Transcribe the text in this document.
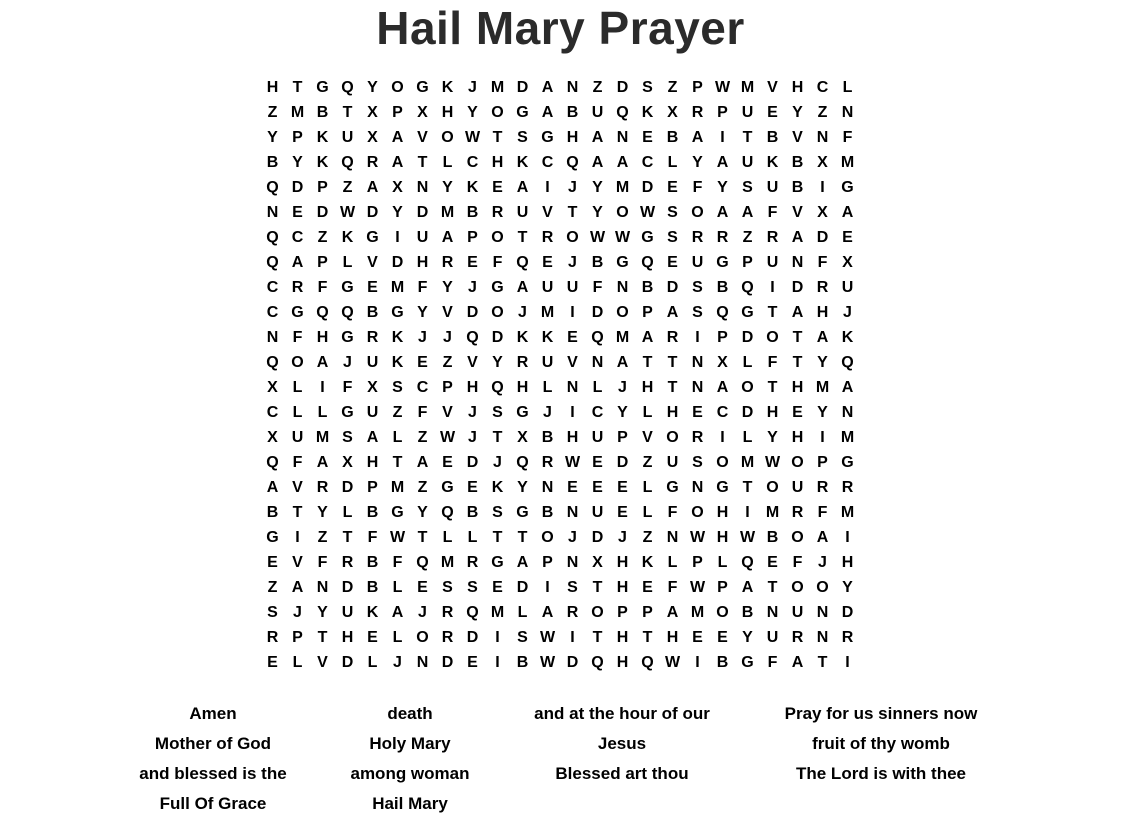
Hail Mary Prayer
H T G Q Y O G K J M D A N Z D S Z P W M V H C L
Z M B T X P X H Y O G A B U Q K X R P U E Y Z N
Y P K U X A V O W T S G H A N E B A	I	T B V N F
B Y K Q R A T L C H K C Q A A C L Y A U K B X M
Q D P Z A X N Y K E A	I	J Y M D E F Y S U B	I	G
N E D W D Y D M B R U V T Y O W S O A A F V X A
Q C Z K G	I	U A P O T R O W W G S R R Z R A D E
Q A P L V D H R E F Q E J B G Q E U G P U N F X
C R F G E M F Y J G A U U F N B D S B Q	I	D R U
C G Q Q B G Y V D O J M	I	D O P A S Q G T A H J
N F H G R K J	J Q D K K E Q M A R	I	P D O T A K
Q O A J U K E Z V Y R U V N A T T N X L F T Y Q
X L	I	F X S C P H Q H L N L J H T N A O T H M A
C L L G U Z F V J S G J	I	C Y L H E C D H E Y N
X U M S A L Z W J T X B H U P V O R	I	L Y H	I	M
Q F A X H T A E D J Q R W E D Z U S O M W O P G
A V R D P M Z G E K Y N E E E L G N G T O U R R
B T Y L B G Y Q B S G B N U E L F O H	I	M R F M
G	I	Z T F W T L L T T O J D J Z N W H W B O A	I
E V F R B F Q M R G A P N X H K L P L Q E F J H
Z A N D B L E S S E D	I	S T H E F W P A T O O Y
S J Y U K A J R Q M L A R O P P A M O B N U N D
R P T H E L O R D	I	S W I	T H T H E E Y U R N R
E L V D L J N D E	I	B W D Q H Q W I	B G F A T	I
Amen
Mother of God
and blessed is the
Full Of Grace
death
Holy Mary
among woman
Hail Mary
and at the hour of our
Jesus
Blessed art thou
Pray for us sinners now
fruit of thy womb
The Lord is with thee
